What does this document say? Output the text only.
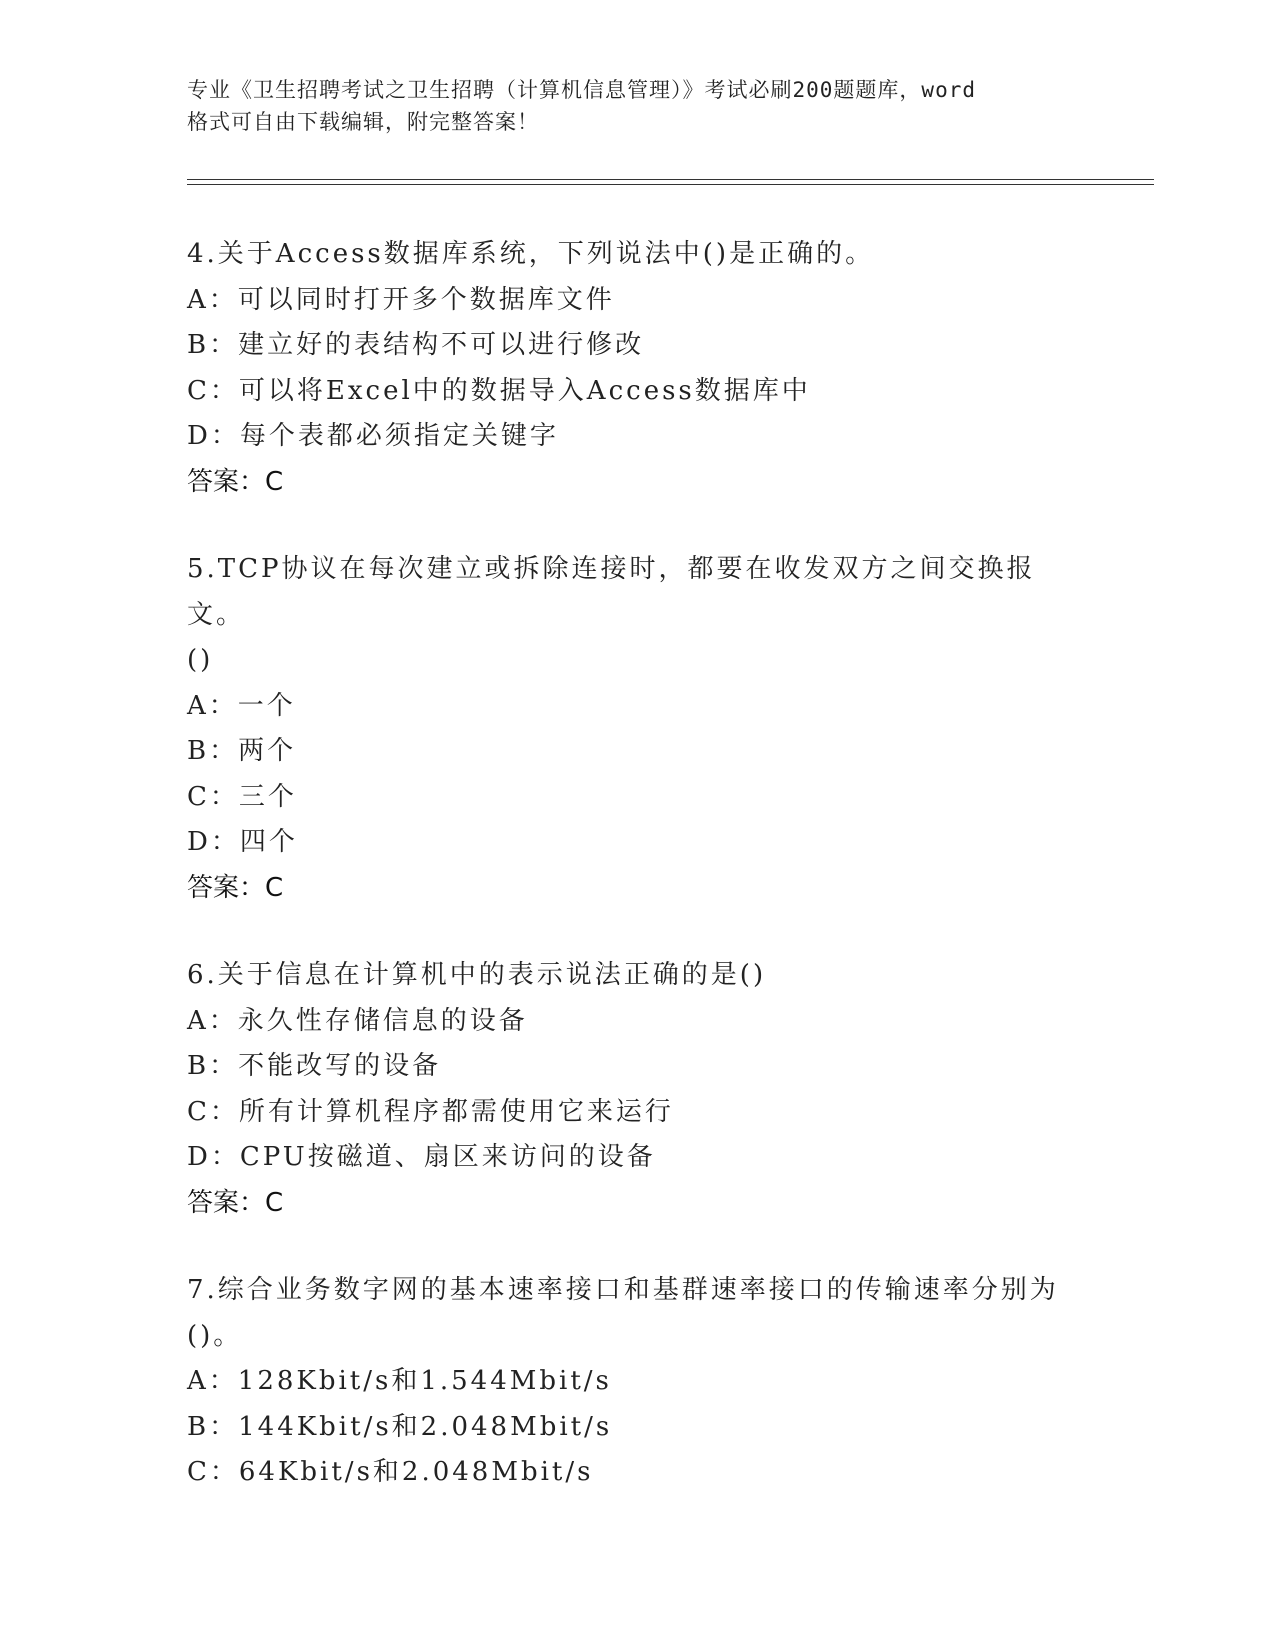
专业《卫生招聘考试之卫生招聘（计算机信息管理）》考试必刷200题题库，word
格式可自由下载编辑，附完整答案！
4.关于Access数据库系统，下列说法中()是正确的。
A：可以同时打开多个数据库文件
B：建立好的表结构不可以进行修改
C：可以将Excel中的数据导入Access数据库中
D：每个表都必须指定关键字
答案：C
5.TCP协议在每次建立或拆除连接时，都要在收发双方之间交换报文。
()
A：一个
B：两个
C：三个
D：四个
答案：C
6.关于信息在计算机中的表示说法正确的是()
A：永久性存储信息的设备
B：不能改写的设备
C：所有计算机程序都需使用它来运行
D：CPU按磁道、扇区来访问的设备
答案：C
7.综合业务数字网的基本速率接口和基群速率接口的传输速率分别为
()。
A：128Kbit/s和1.544Mbit/s
B：144Kbit/s和2.048Mbit/s
C：64Kbit/s和2.048Mbit/s
